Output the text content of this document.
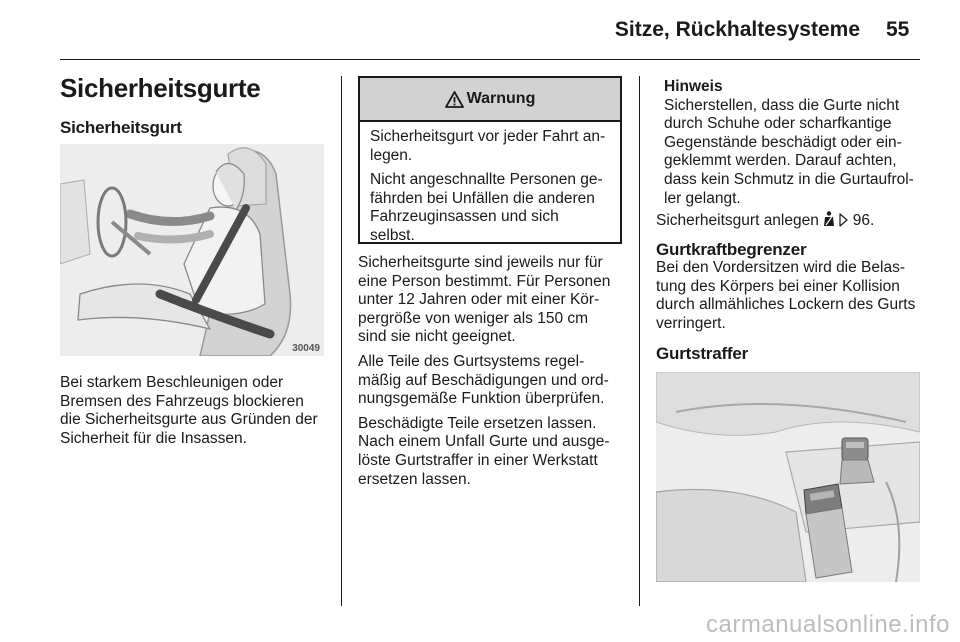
Sitze, Rückhaltesysteme 55
Sicherheitsgurte
Sicherheitsgurt
30049
Bei starkem Beschleunigen oder
Bremsen des Fahrzeugs blockieren
die Sicherheitsgurte aus Gründen der
Sicherheit für die Insassen.
Warnung

Sicherheitsgurt vor jeder Fahrt an-
legen.

Nicht angeschnallte Personen ge-
fährden bei Unfällen die anderen
Fahrzeuginsassen und sich
selbst.

Sicherheitsgurte sind jeweils nur für
eine Person bestimmt. Für Personen
unter 12 Jahren oder mit einer Kör-
pergröße von weniger als 150 cm
sind sie nicht geeignet.

Alle Teile des Gurtsystems regel-
mäßig auf Beschädigungen und ord-
nungsgemäße Funktion überprüfen.

Beschädigte Teile ersetzen lassen.
Nach einem Unfall Gurte und ausge-
löste Gurtstraffer in einer Werkstatt
ersetzen lassen.

Hinweis
Sicherstellen, dass die Gurte nicht
durch Schuhe oder scharfkantige
Gegenstände beschädigt oder ein-
geklemmt werden. Darauf achten,
dass kein Schmutz in die Gurtaufrol-
ler gelangt.
Sicherheitsgurt anlegen 96.
Gurtkraftbegrenzer
Bei den Vordersitzen wird die Belas-
tung des Körpers bei einer Kollision
durch allmähliches Lockern des Gurts
verringert.
Gurtstraffer
carmanualsonline.info
